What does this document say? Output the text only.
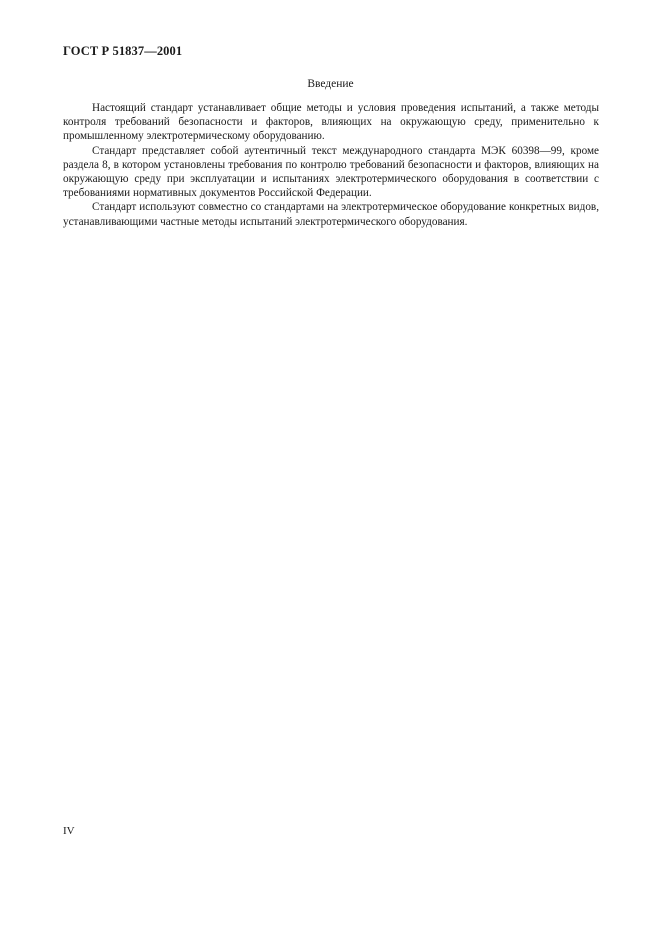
ГОСТ Р 51837—2001
Введение

Настоящий стандарт устанавливает общие методы и условия проведения испытаний, а также методы контроля требований безопасности и факторов, влияющих на окружающую среду, применительно к промышленному электротермическому оборудованию.

Стандарт представляет собой аутентичный текст международного стандарта МЭК 60398—99, кроме раздела 8, в котором установлены требования по контролю требований безопасности и факторов, влияющих на окружающую среду при эксплуатации и испытаниях электротермического оборудования в соответствии с требованиями нормативных документов Российской Федерации.

Стандарт используют совместно со стандартами на электротермическое оборудование конкретных видов, устанавливающими частные методы испытаний электротермического оборудования.

IV
